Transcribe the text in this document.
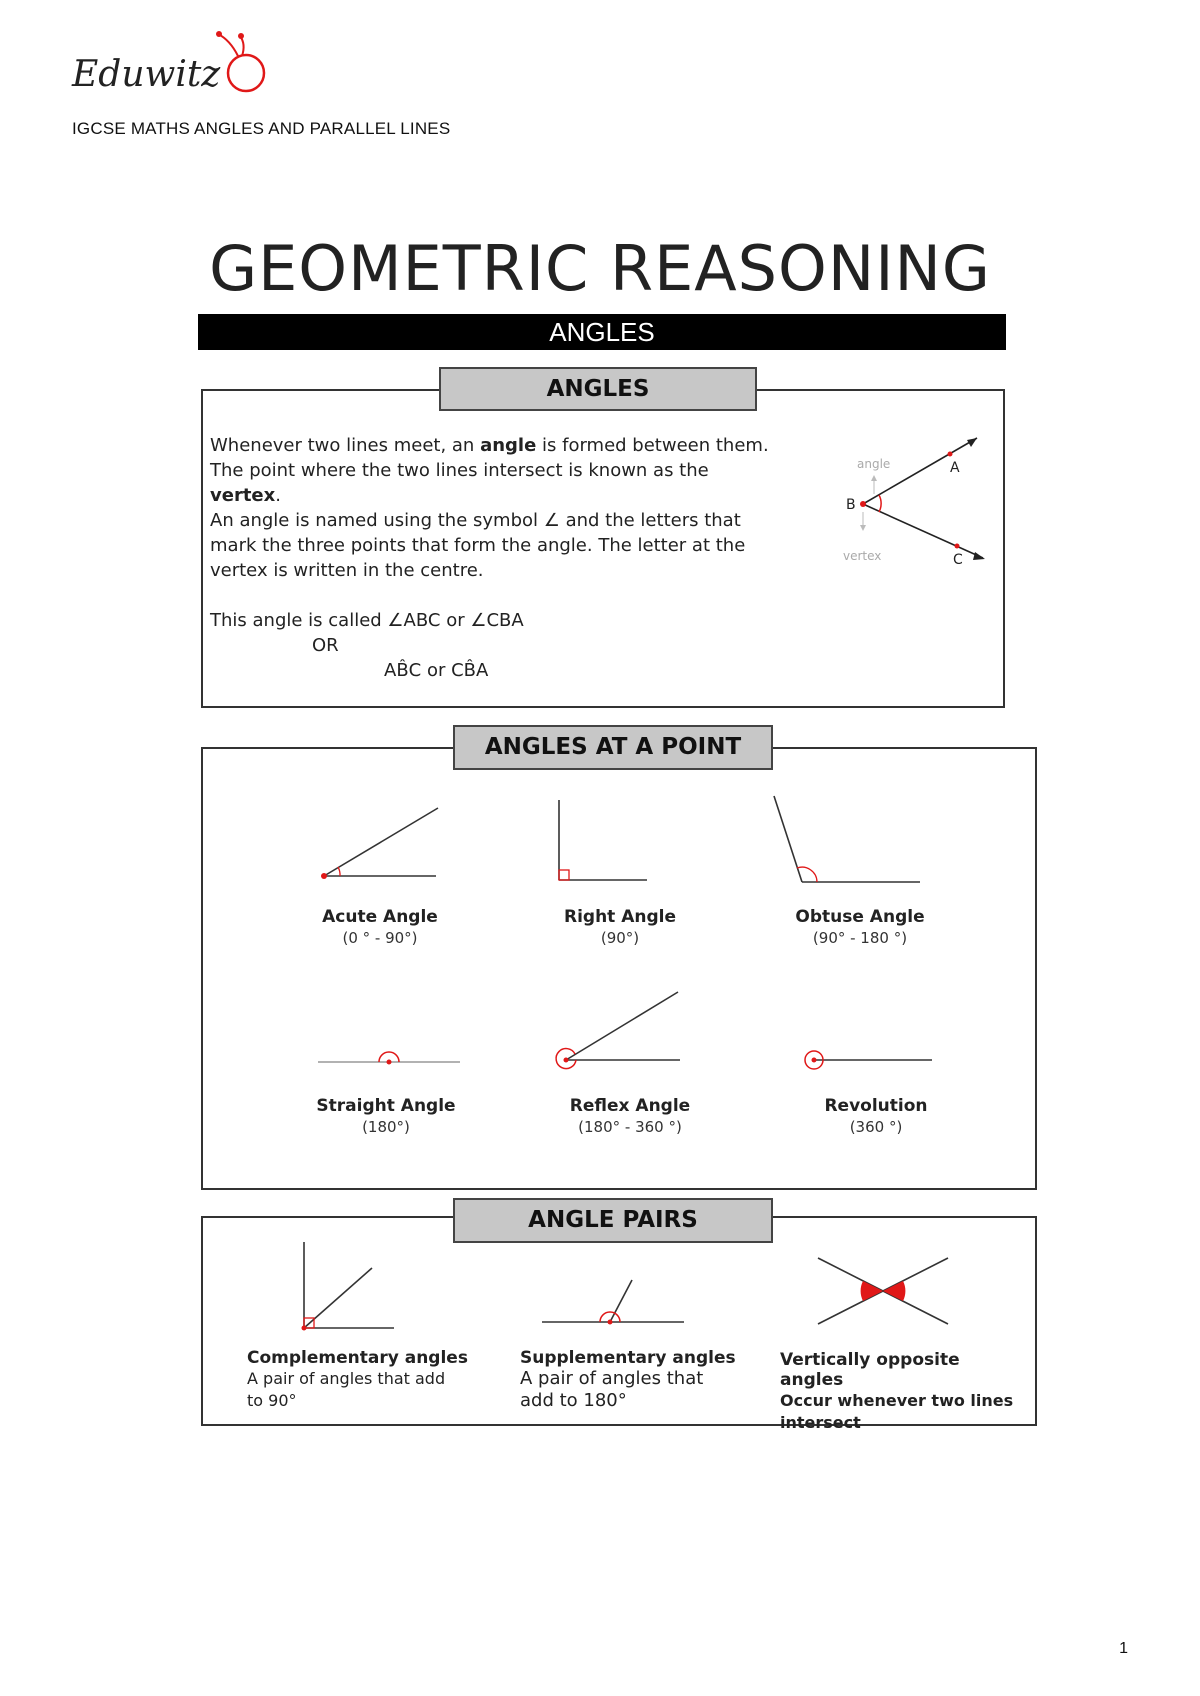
Eduwitz
IGCSE MATHS ANGLES AND PARALLEL LINES
GEOMETRIC REASONING
ANGLES
ANGLES
Whenever two lines meet, an angle is formed between them.
The point where the two lines intersect is known as the
vertex.
An angle is named using the symbol ∠ and the letters that
mark the three points that form the angle. The letter at the
vertex is written in the centre.
This angle is called ∠ABC or ∠CBA
OR
AB̂C or CB̂A
angle
vertex
A
B
C
ANGLES AT A POINT
Acute Angle
(0 ° - 90°)
Right Angle
(90°)
Obtuse Angle
(90° - 180 °)
Straight Angle
(180°)
Reflex Angle
(180° - 360 °)
Revolution
(360 °)
ANGLE PAIRS
Complementary angles
A pair of angles that add
to 90°
Supplementary angles
A pair of angles that
add to 180°
Vertically opposite angles
Occur whenever two lines
intersect
1
